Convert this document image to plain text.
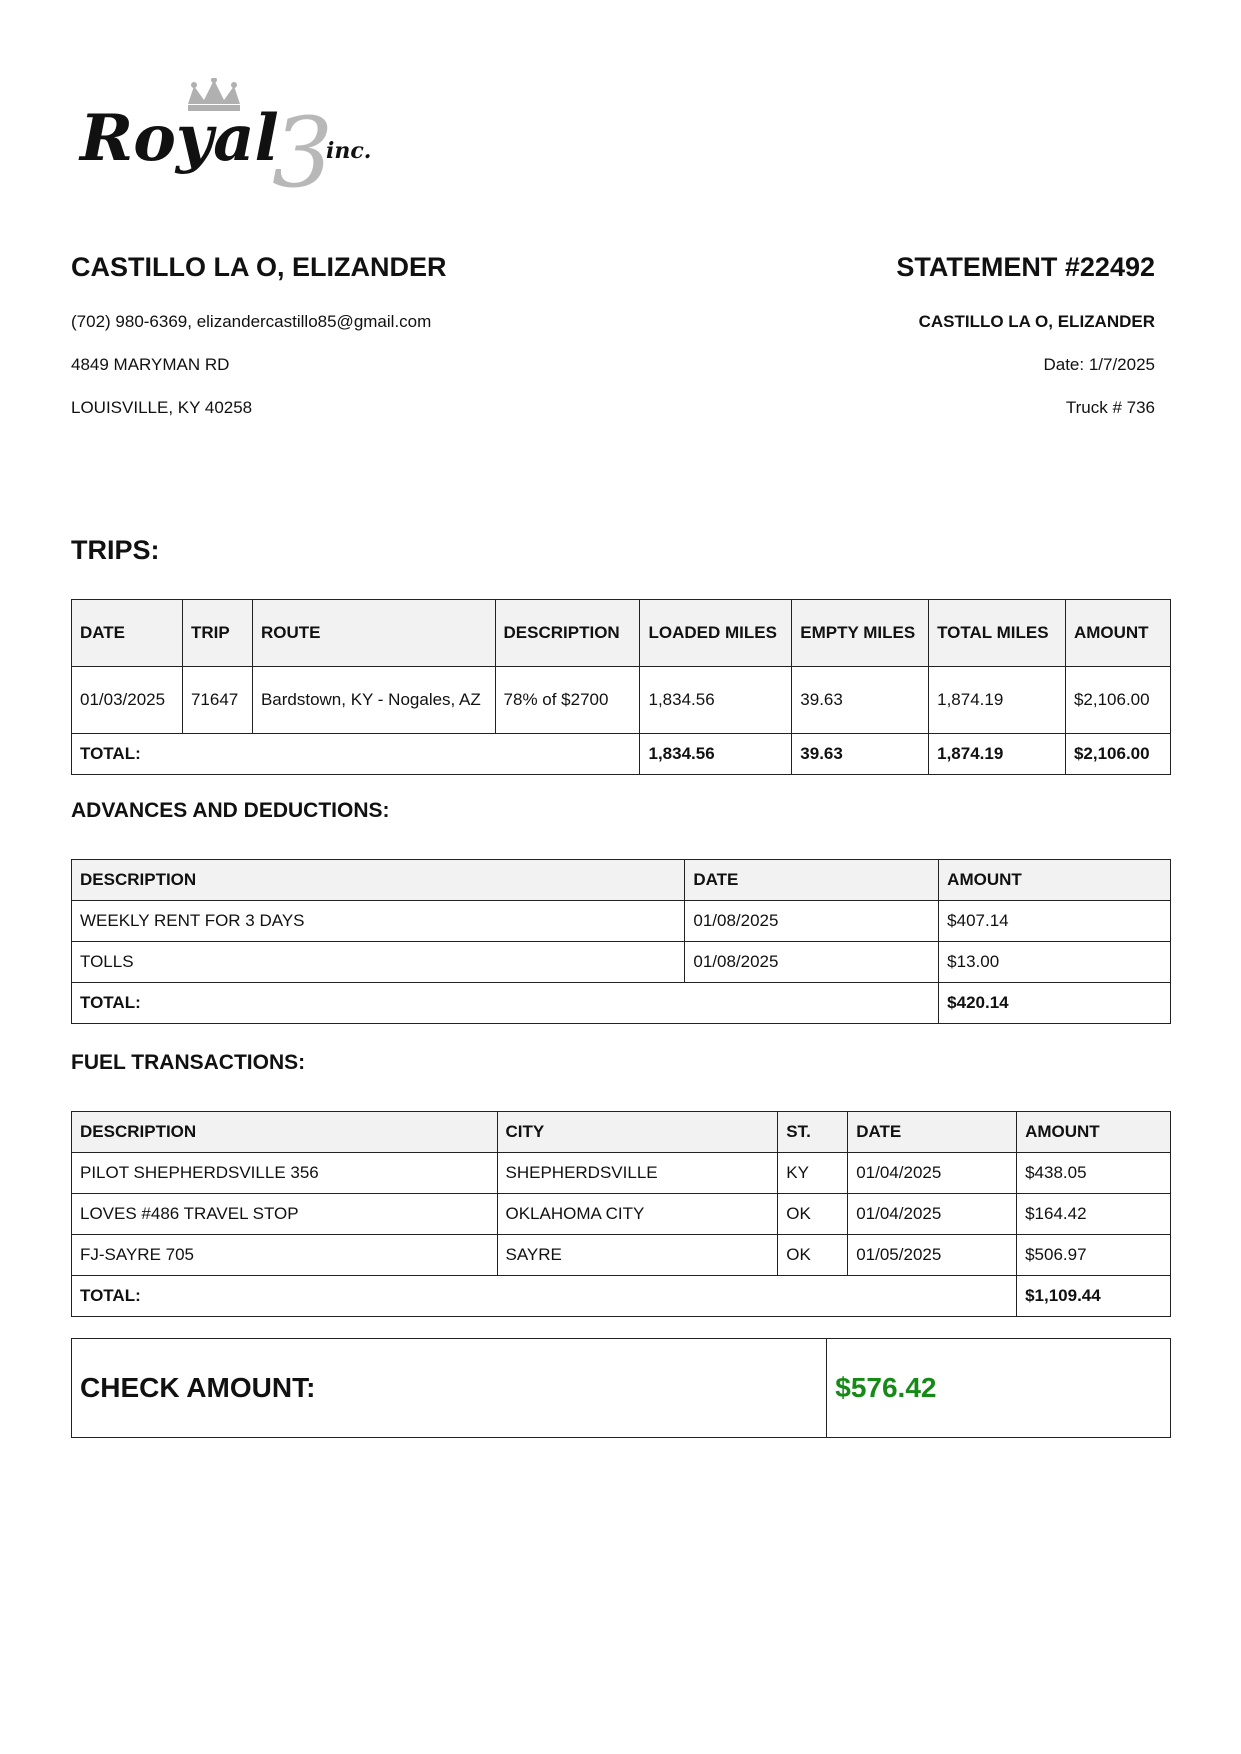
3
Royal inc.

CASTILLO LA O, ELIZANDER

(702) 980-6369, elizandercastillo85@gmail.com

4849 MARYMAN RD

LOUISVILLE, KY 40258

STATEMENT #22492

CASTILLO LA O, ELIZANDER

Date: 1/7/2025

Truck # 736

TRIPS:

DATE	TRIP	ROUTE	DESCRIPTION	LOADED MILES	EMPTY MILES	TOTAL MILES	AMOUNT
01/03/2025	71647	Bardstown, KY - Nogales, AZ	78% of $2700	1,834.56	39.63	1,874.19	$2,106.00
TOTAL:				1,834.56	39.63	1,874.19	$2,106.00

ADVANCES AND DEDUCTIONS:

DESCRIPTION	DATE	AMOUNT
WEEKLY RENT FOR 3 DAYS	01/08/2025	$407.14
TOLLS	01/08/2025	$13.00
TOTAL:		$420.14

FUEL TRANSACTIONS:

DESCRIPTION	CITY	ST.	DATE	AMOUNT
PILOT SHEPHERDSVILLE 356	SHEPHERDSVILLE	KY	01/04/2025	$438.05
LOVES #486 TRAVEL STOP	OKLAHOMA CITY	OK	01/04/2025	$164.42
FJ-SAYRE 705	SAYRE	OK	01/05/2025	$506.97
TOTAL:				$1,109.44
CHECK AMOUNT:	$576.42
